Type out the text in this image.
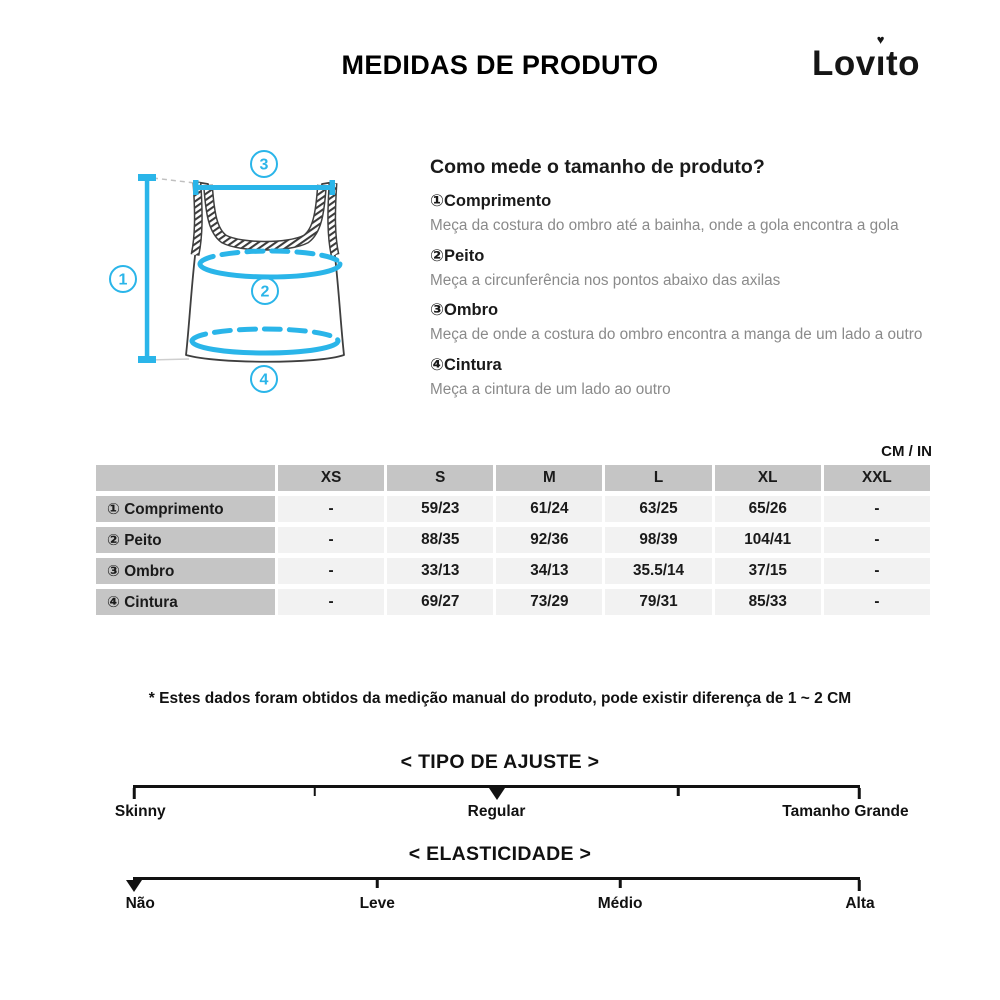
MEDIDAS DE PRODUTO	Lovı
♥
to
1
3
2
4

Como mede o tamanho de produto?

①Comprimento

Meça da costura do ombro até a bainha, onde a gola encontra a gola

②Peito

Meça a circunferência nos pontos abaixo das axilas

③Ombro

Meça de onde a costura do ombro encontra a manga de um lado a outro

④Cintura

Meça a cintura de um lado ao outro

CM / IN
	XS	S	M	L	XL	XXL
① Comprimento	-	59/23	61/24	63/25	65/26	-
② Peito	-	88/35	92/36	98/39	104/41	-
③ Ombro	-	33/13	34/13	35.5/14	37/15	-
④ Cintura	-	69/27	73/29	79/31	85/33	-
* Estes dados foram obtidos da medição manual do produto, pode existir diferença de 1 ~ 2 CM
< TIPO DE AJUSTE >
Skinny	Regular	Tamanho Grande
< ELASTICIDADE >
Não	Leve	Médio	Alta
